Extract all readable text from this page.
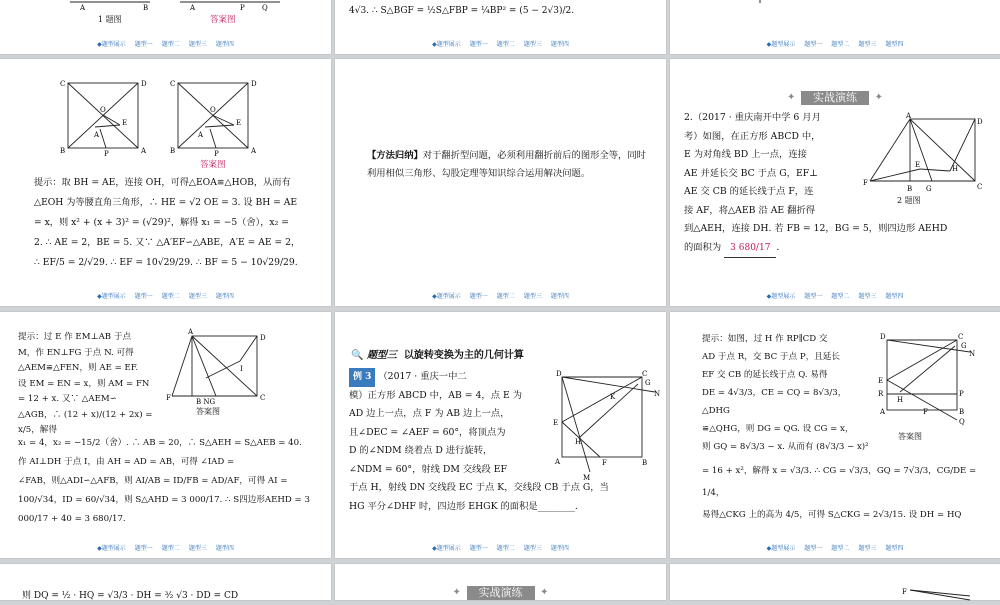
A	B	A	P Q
1 题图	答案图
◆题型展示 题型一 题型二 题型三 题型四
4√3. ∴ S△BGF = ½S△FBP = ¼BP² = (5 − 2√3)/2.
◆题型展示 题型一 题型二 题型三 题型四	◆题型展示 题型一 题型二 题型三 题型四
C	D
B	A
O
E
A
P
C	D
B	A
O
E
A
P
答案图
提示：取 BH = AE，连接 OH，可得△EOA≌△HOB，从而有
△EOH 为等腰直角三角形，∴ HE = √2 OE = 3. 设 BH = AE
= x，则 x² + (x + 3)² = (√29)²，解得 x₁ = −5（舍），x₂ =
2. ∴ AE = 2，BE = 5. 又∵ △A′EF∽△ABE，A′E = AE = 2，
∴ EF/5 = 2/√29. ∴ EF = 10√29/29. ∴ BF = 5 − 10√29/29.
◆题型展示 题型一 题型二 题型三 题型四
【方法归纳】对于翻折型问题，必须利用翻折前后的图形全等，同时利用相似三角形、勾股定理等知识综合运用解决问题。
◆题型展示 题型一 题型二 题型三 题型四
✦ 实战演练 ✦
2.（2017 · 重庆南开中学 6 月月
考）如图，在正方形 ABCD 中，
E 为对角线 BD 上一点，连接
AE 并延长交 BC 于点 G，EF⊥
AE 交 CB 的延长线于点 F，连
接 AF，将△AEB 沿 AE 翻折得
到△AEH，连接 DH. 若 FB = 12，BG = 5，则四边形 AEHD
的面积为 3 680/17 .
A
D
F
B G	C
E	H
2 题图
◆题型展示 题型一 题型二 题型三 题型四
提示：过 E 作 EM⊥AB 于点
M，作 EN⊥FG 于点 N. 可得
△AEM≌△FEN，则 AE = EF.
设 EM = EN = x，则 AM = FN
= 12 + x. 又∵ △AEM∽
△AGB，∴ (12 + x)/(12 + 2x) = x/5，解得
A
D
F	B NG	C
I
答案图
x₁ = 4，x₂ = −15/2（舍）. ∴ AB = 20，∴ S△AEH = S△AEB = 40.
作 AI⊥DH 于点 I，由 AH = AD = AB，可得 ∠IAD =
∠FAB，则△ADI∽△AFB，则 AI/AB = ID/FB = AD/AF，可得 AI =
100/√34，ID = 60/√34，则 S△AHD = 3 000/17. ∴ S四边形AEHD = 3 000/17 + 40 = 3 680/17.
◆题型展示 题型一 题型二 题型三 题型四
🔍 题型三 以旋转变换为主的几何计算
例 3 （2017 · 重庆一中二
模）正方形 ABCD 中，AB = 4，点 E 为
AD 边上一点，点 F 为 AB 边上一点，
且∠DEC = ∠AEF = 60°，将顶点为
D 的∠NDM 绕着点 D 进行旋转，
∠NDM = 60°，射线 DM 交线段 EF
于点 H，射线 DN 交线段 EC 于点 K，交线段 CB 于点 G，当
HG 平分∠DHF 时，四边形 EHGK 的面积是________.
D	C
G
N
E
A	F	B
K
H
M
◆题型展示 题型一 题型二 题型三 题型四
提示：如图，过 H 作 RP∥CD 交
AD 于点 R，交 BC 于点 P，且延长
EF 交 CB 的延长线于点 Q. 易得
DE = 4√3/3，CE = CQ = 8√3/3，△DHG
≌△QHG，则 DG = QG. 设 CG = x，
则 GQ = 8√3/3 − x. 从而有 (8√3/3 − x)²
D	C
G
N
E
R
A	F
P
B
Q
H
答案图
= 16 + x²，解得 x = √3/3. ∴ CG = √3/3，GQ = 7√3/3，CG/DE = 1/4，
易得△CKG 上的高为 4/5，可得 S△CKG = 2√3/15. 设 DH = HQ
◆题型展示 题型一 题型二 题型三 题型四
则 DQ = ½ · HQ = √3/3 · DH = ³⁄₂ √3 · DD = CD
✦	实战演练 ✦	F
